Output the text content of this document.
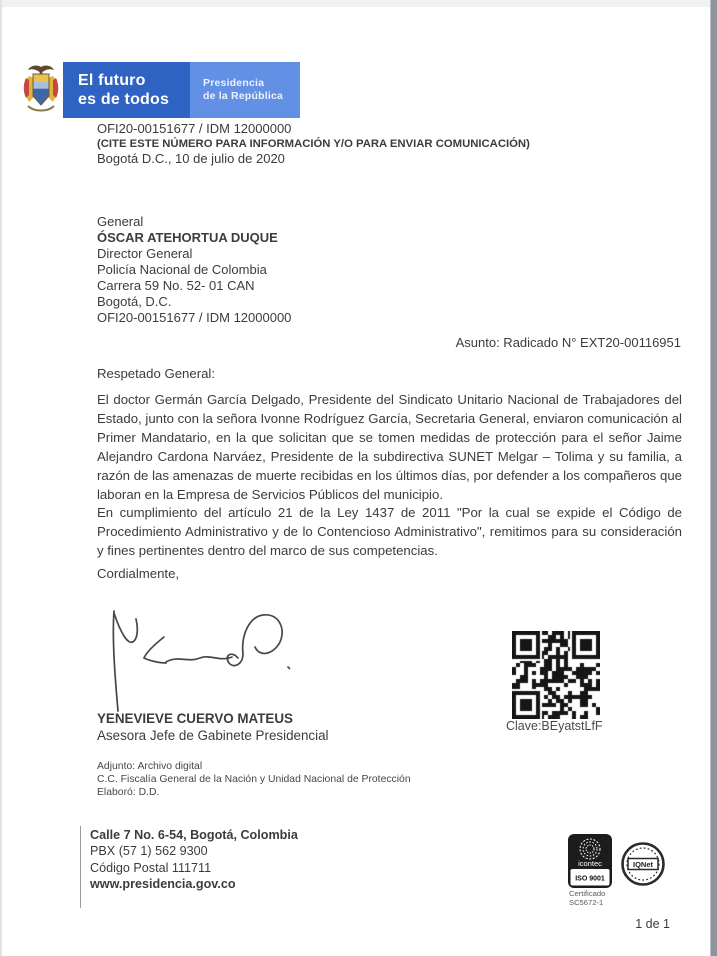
El futuro
es de todos
Presidencia
de la República
OFI20-00151677 / IDM 12000000
(CITE ESTE NÚMERO PARA INFORMACIÓN Y/O PARA ENVIAR COMUNICACIÓN)
Bogotá D.C., 10 de julio de 2020
General
ÓSCAR ATEHORTUA DUQUE
Director General
Policía Nacional de Colombia
Carrera 59 No. 52- 01 CAN
Bogotá, D.C.
OFI20-00151677 / IDM 12000000
Asunto: Radicado N° EXT20-00116951
Respetado General:
El doctor Germán García Delgado, Presidente del Sindicato Unitario Nacional de Trabajadores del Estado, junto con la señora Ivonne Rodríguez García, Secretaria General, enviaron comunicación al Primer Mandatario, en la que solicitan que se tomen medidas de protección para el señor Jaime Alejandro Cardona Narváez, Presidente de la subdirectiva SUNET Melgar – Tolima y su familia, a razón de las amenazas de muerte recibidas en los últimos días, por defender a los compañeros que laboran en la Empresa de Servicios Públicos del municipio.
En cumplimiento del artículo 21 de la Ley 1437 de 2011 "Por la cual se expide el Código de Procedimiento Administrativo y de lo Contencioso Administrativo", remitimos para su consideración y fines pertinentes dentro del marco de sus competencias.
Cordialmente,
Clave:BEyatstLfF
YENEVIEVE CUERVO MATEUS
Asesora Jefe de Gabinete Presidencial
Adjunto: Archivo digital
C.C. Fiscalía General de la Nación y Unidad Nacional de Protección
Elaboró: D.D.
Calle 7 No. 6-54, Bogotá, Colombia
PBX (57 1) 562 9300
Código Postal 111711
www.presidencia.gov.co
icontec
ISO 9001
IQNet
Certificado
SC5672-1
1 de 1
